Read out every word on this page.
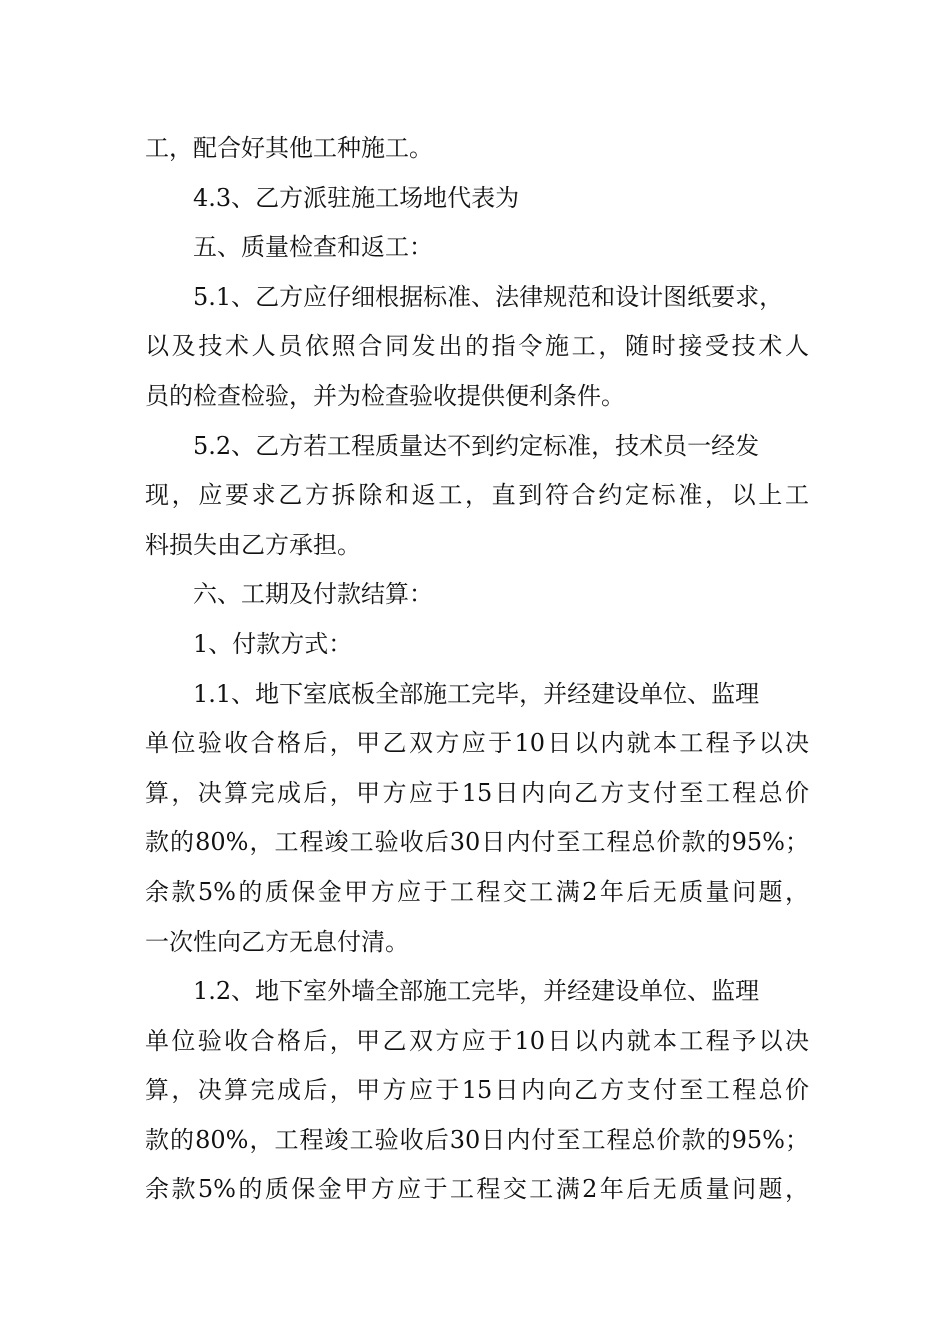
工，配合好其他工种施工。
4.3、乙方派驻施工场地代表为
五、质量检查和返工：
5.1、乙方应仔细根据标准、法律规范和设计图纸要求，
以及技术人员依照合同发出的指令施工，随时接受技术人
员的检查检验，并为检查验收提供便利条件。
5.2、乙方若工程质量达不到约定标准，技术员一经发
现，应要求乙方拆除和返工，直到符合约定标准，以上工
料损失由乙方承担。
六、工期及付款结算：
1、付款方式：
1.1、地下室底板全部施工完毕，并经建设单位、监理
单位验收合格后，甲乙双方应于10日以内就本工程予以决
算，决算完成后，甲方应于15日内向乙方支付至工程总价
款的80%，工程竣工验收后30日内付至工程总价款的95%；
余款5%的质保金甲方应于工程交工满2年后无质量问题，
一次性向乙方无息付清。
1.2、地下室外墙全部施工完毕，并经建设单位、监理
单位验收合格后，甲乙双方应于10日以内就本工程予以决
算，决算完成后，甲方应于15日内向乙方支付至工程总价
款的80%，工程竣工验收后30日内付至工程总价款的95%；
余款5%的质保金甲方应于工程交工满2年后无质量问题，
